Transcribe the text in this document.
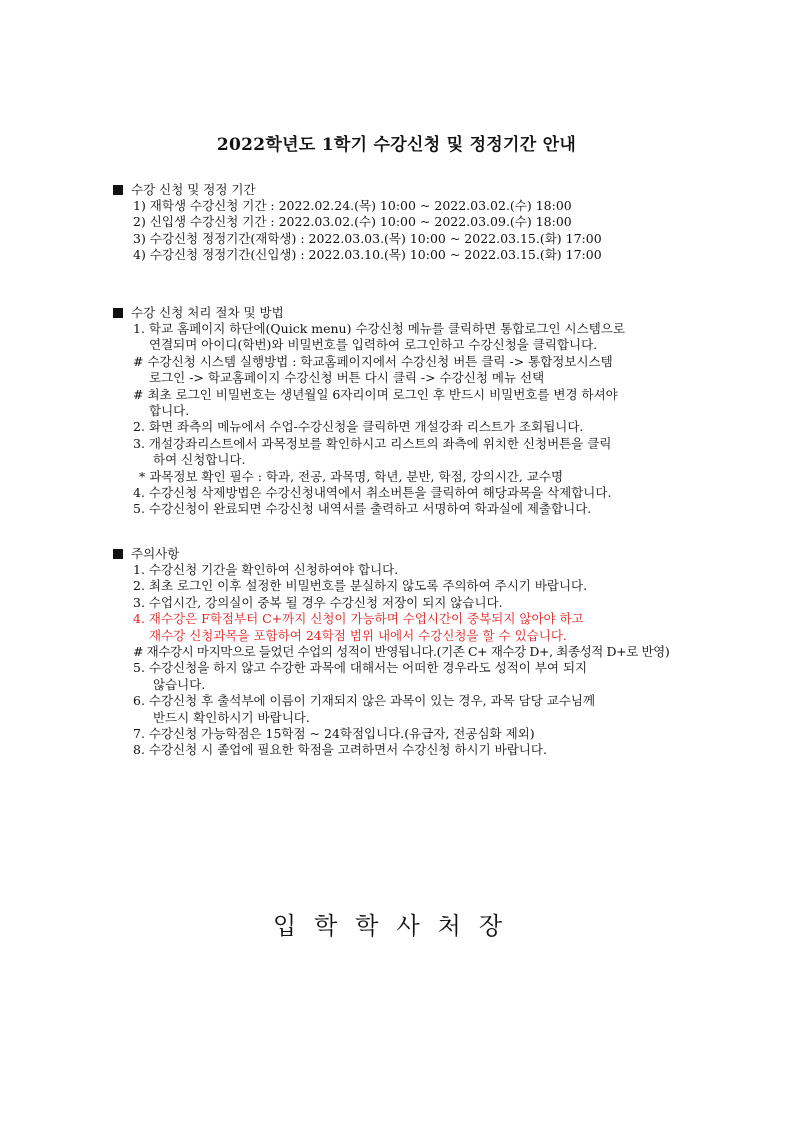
2022학년도 1학기 수강신청 및 정정기간 안내
수강 신청 및 정정 기간
1) 재학생 수강신청 기간 : 2022.02.24.(목) 10:00 ~ 2022.03.02.(수) 18:00
2) 신입생 수강신청 기간 : 2022.03.02.(수) 10:00 ~ 2022.03.09.(수) 18:00
3) 수강신청 정정기간(재학생) : 2022.03.03.(목) 10:00 ~ 2022.03.15.(화) 17:00
4) 수강신청 정정기간(신입생) : 2022.03.10.(목) 10:00 ~ 2022.03.15.(화) 17:00
수강 신청 처리 절차 및 방법
1. 학교 홈페이지 하단에(Quick menu) 수강신청 메뉴를 클릭하면 통합로그인 시스템으로
연결되며 아이디(학번)와 비밀번호를 입력하여 로그인하고 수강신청을 클릭합니다.
# 수강신청 시스템 실행방법 : 학교홈페이지에서 수강신청 버튼 클릭 -> 통합정보시스템
로그인 -> 학교홈페이지 수강신청 버튼 다시 클릭 -> 수강신청 메뉴 선택
# 최초 로그인 비밀번호는 생년월일 6자리이며 로그인 후 반드시 비밀번호를 변경 하셔야
합니다.
2. 화면 좌측의 메뉴에서 수업-수강신청을 클릭하면 개설강좌 리스트가 조회됩니다.
3. 개설강좌리스트에서 과목정보를 확인하시고 리스트의 좌측에 위치한 신청버튼을 클릭
하여 신청합니다.
* 과목정보 확인 필수 : 학과, 전공, 과목명, 학년, 분반, 학점, 강의시간, 교수명
4. 수강신청 삭제방법은 수강신청내역에서 취소버튼을 클릭하여 해당과목을 삭제합니다.
5. 수강신청이 완료되면 수강신청 내역서를 출력하고 서명하여 학과실에 제출합니다.
주의사항
1. 수강신청 기간을 확인하여 신청하여야 합니다.
2. 최초 로그인 이후 설정한 비밀번호를 분실하지 않도록 주의하여 주시기 바랍니다.
3. 수업시간, 강의실이 중복 될 경우 수강신청 저장이 되지 않습니다.
4. 재수강은 F학점부터 C+까지 신청이 가능하며 수업시간이 중복되지 않아야 하고
재수강 신청과목을 포함하여 24학점 범위 내에서 수강신청을 할 수 있습니다.
# 재수강시 마지막으로 들었던 수업의 성적이 반영됩니다.(기존 C+ 재수강 D+, 최종성적 D+로 반영)
5. 수강신청을 하지 않고 수강한 과목에 대해서는 어떠한 경우라도 성적이 부여 되지
않습니다.
6. 수강신청 후 출석부에 이름이 기재되지 않은 과목이 있는 경우, 과목 담당 교수님께
반드시 확인하시기 바랍니다.
7. 수강신청 가능학점은 15학점 ~ 24학점입니다.(유급자, 전공심화 제외)
8. 수강신청 시 졸업에 필요한 학점을 고려하면서 수강신청 하시기 바랍니다.
입학학사처장
